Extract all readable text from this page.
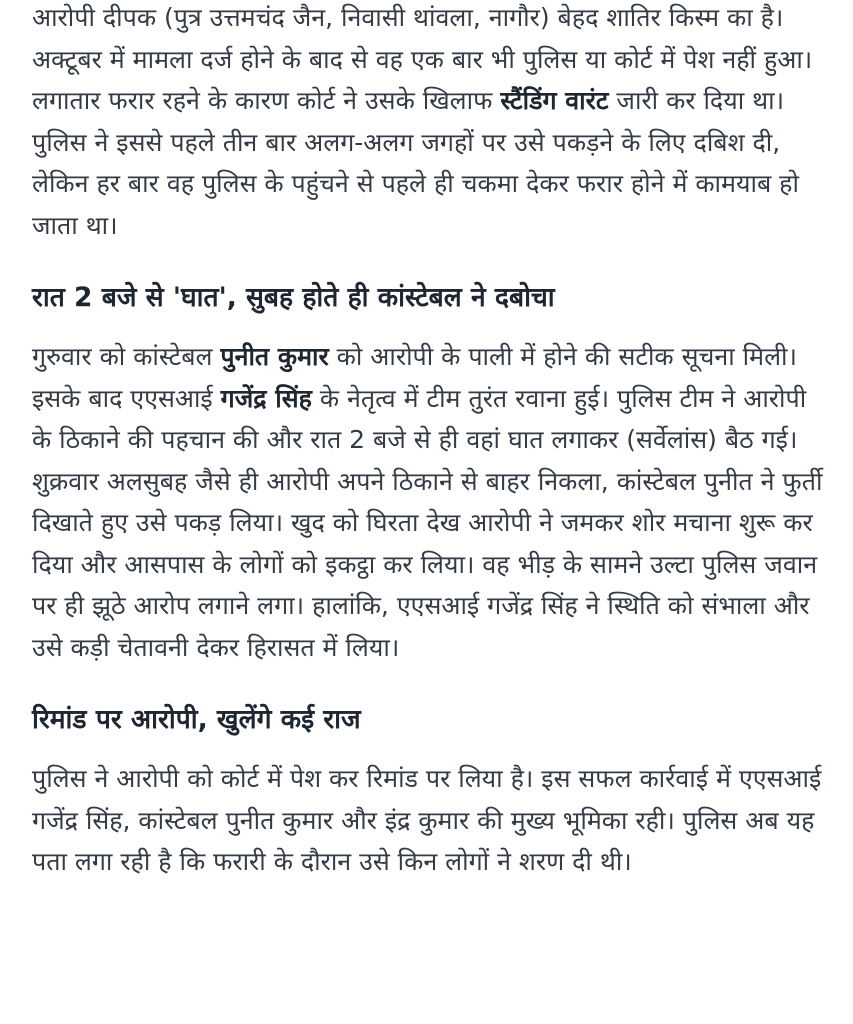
आरोपी दीपक (पुत्र उत्तमचंद जैन, निवासी थांवला, नागौर) बेहद शातिर किस्म का है। अक्टूबर में मामला दर्ज होने के बाद से वह एक बार भी पुलिस या कोर्ट में पेश नहीं हुआ। लगातार फरार रहने के कारण कोर्ट ने उसके खिलाफ स्टैंडिंग वारंट जारी कर दिया था। पुलिस ने इससे पहले तीन बार अलग-अलग जगहों पर उसे पकड़ने के लिए दबिश दी, लेकिन हर बार वह पुलिस के पहुंचने से पहले ही चकमा देकर फरार होने में कामयाब हो जाता था।

रात 2 बजे से 'घात', सुबह होते ही कांस्टेबल ने दबोचा

गुरुवार को कांस्टेबल पुनीत कुमार को आरोपी के पाली में होने की सटीक सूचना मिली। इसके बाद एएसआई गजेंद्र सिंह के नेतृत्व में टीम तुरंत रवाना हुई। पुलिस टीम ने आरोपी के ठिकाने की पहचान की और रात 2 बजे से ही वहां घात लगाकर (सर्वेलांस) बैठ गई। शुक्रवार अलसुबह जैसे ही आरोपी अपने ठिकाने से बाहर निकला, कांस्टेबल पुनीत ने फुर्ती दिखाते हुए उसे पकड़ लिया। खुद को घिरता देख आरोपी ने जमकर शोर मचाना शुरू कर दिया और आसपास के लोगों को इकट्ठा कर लिया। वह भीड़ के सामने उल्टा पुलिस जवान पर ही झूठे आरोप लगाने लगा। हालांकि, एएसआई गजेंद्र सिंह ने स्थिति को संभाला और उसे कड़ी चेतावनी देकर हिरासत में लिया।

रिमांड पर आरोपी, खुलेंगे कई राज

पुलिस ने आरोपी को कोर्ट में पेश कर रिमांड पर लिया है। इस सफल कार्रवाई में एएसआई गजेंद्र सिंह, कांस्टेबल पुनीत कुमार और इंद्र कुमार की मुख्य भूमिका रही। पुलिस अब यह पता लगा रही है कि फरारी के दौरान उसे किन लोगों ने शरण दी थी।
